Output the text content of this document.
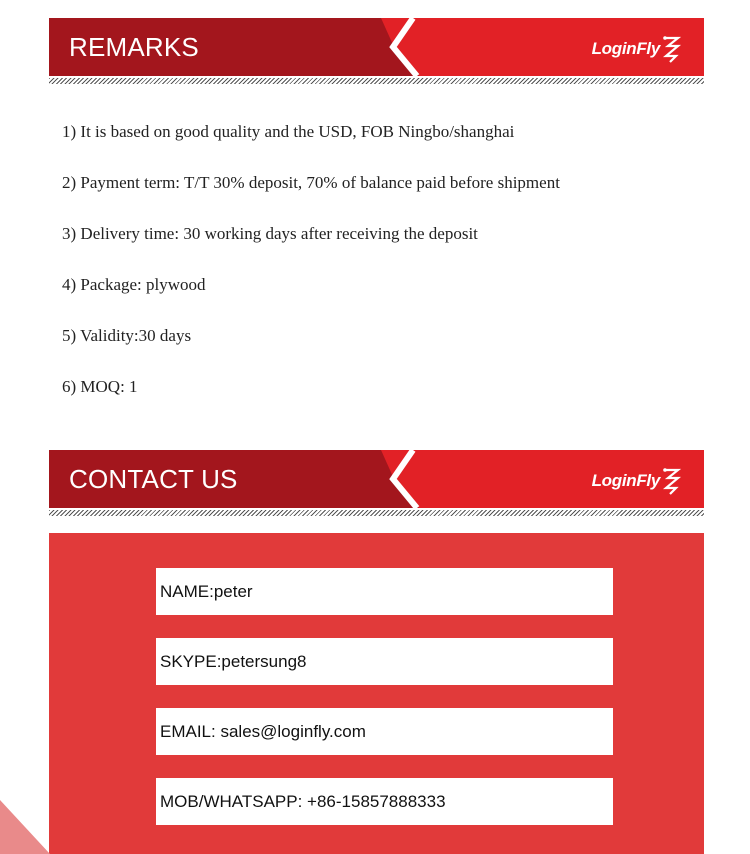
REMARKS	LoginFly
1) It is based on good quality and the USD, FOB Ningbo/shanghai
2) Payment term: T/T 30% deposit, 70% of balance paid before shipment
3) Delivery time: 30 working days after receiving the deposit
4) Package: plywood
5) Validity:30 days
6) MOQ: 1
CONTACT US	LoginFly
NAME:peter
SKYPE:petersung8
EMAIL: sales@loginfly.com
MOB/WHATSAPP: +86-15857888333
